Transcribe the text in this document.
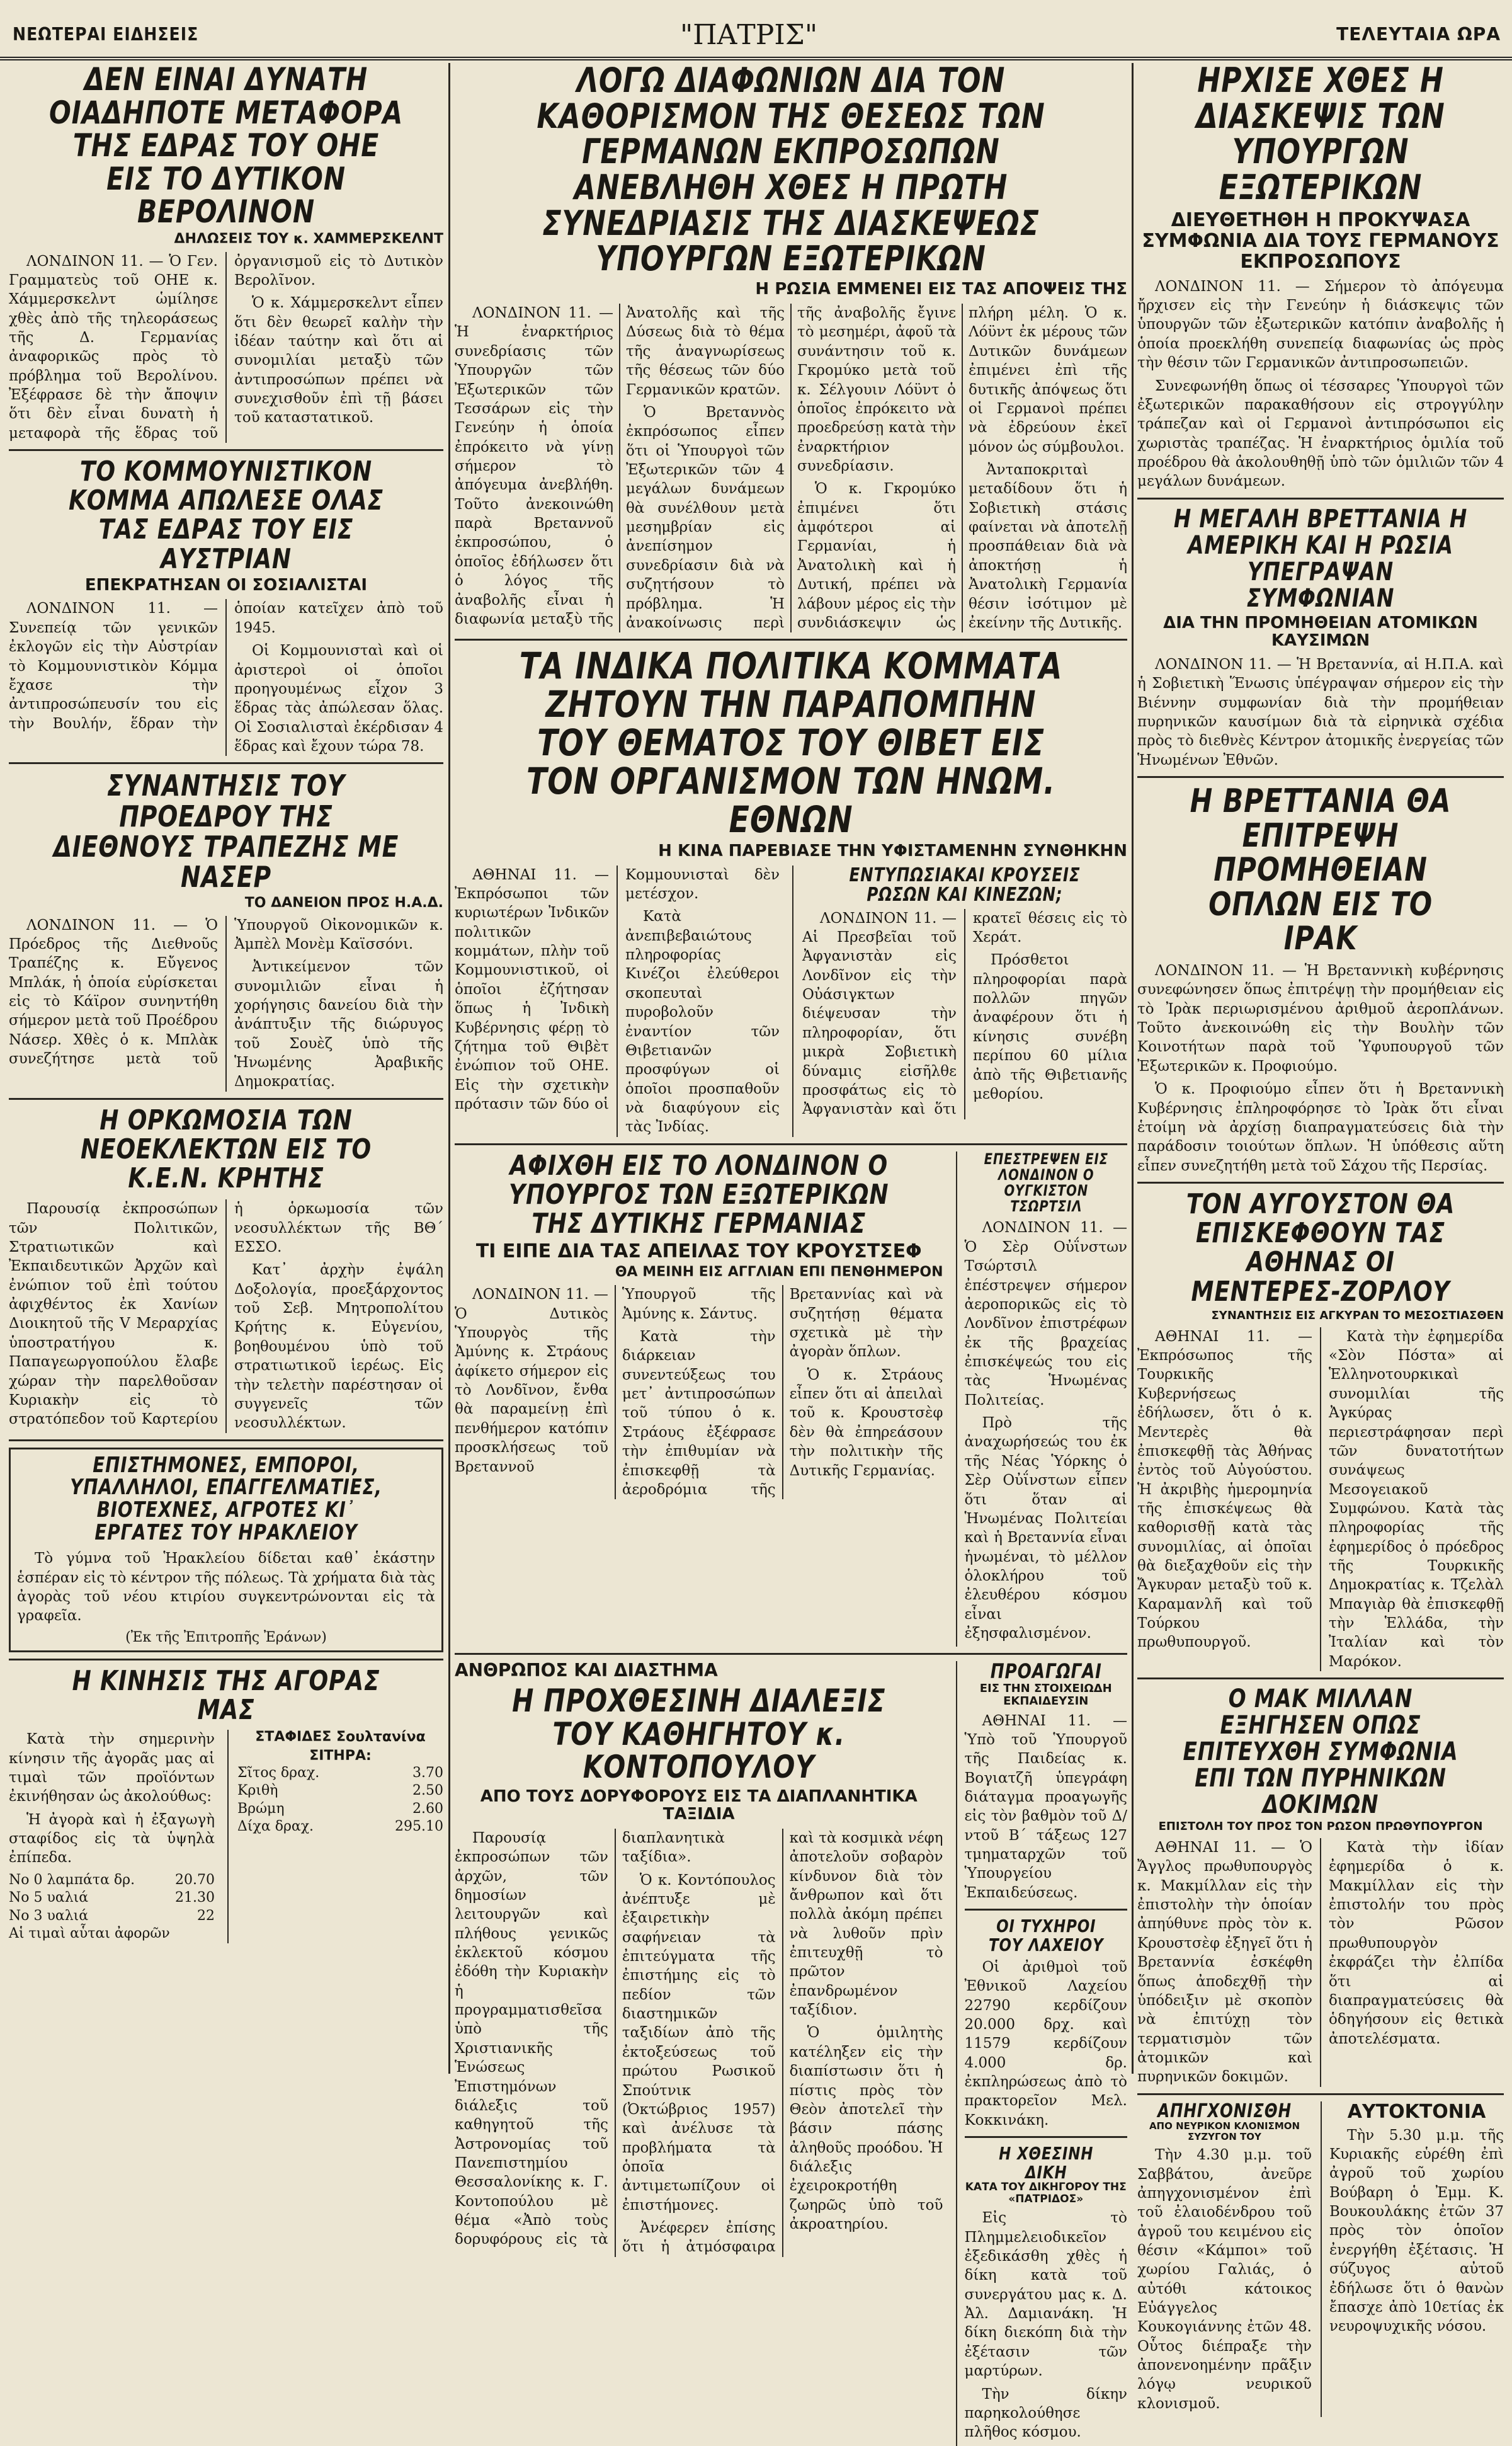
ΝΕΩΤΕΡΑΙ ΕΙΔΗΣΕΙΣ	"ΠΑΤΡΙΣ"	ΤΕΛΕΥΤΑΙΑ ΩΡΑ
ΔΕΝ ΕΙΝΑΙ ΔΥΝΑΤΗ ΟΙΑΔΗΠΟΤΕ ΜΕΤΑΦΟΡΑ ΤΗΣ ΕΔΡΑΣ ΤΟΥ ΟΗΕ ΕΙΣ ΤΟ ΔΥΤΙΚΟΝ ΒΕΡΟΛΙΝΟΝ
ΔΗΛΩΣΕΙΣ ΤΟΥ κ. ΧΑΜΜΕΡΣΚΕΛΝΤ

ΛΟΝΔΙΝΟΝ 11. — Ὁ Γεν. Γραμματεὺς τοῦ ΟΗΕ κ. Χάμμερσκελντ ὡμίλησε χθὲς ἀπὸ τῆς τηλεοράσεως τῆς Δ. Γερμανίας ἀναφορικῶς πρὸς τὸ πρόβλημα τοῦ Βερολίνου. Ἐξέφρασε δὲ τὴν ἄποψιν ὅτι δὲν εἶναι δυνατὴ ἡ μεταφορὰ τῆς ἕδρας τοῦ ὀργανισμοῦ εἰς τὸ Δυτικὸν Βερολῖνον.

Ὁ κ. Χάμμερσκελντ εἶπεν ὅτι δὲν θεωρεῖ καλὴν τὴν ἰδέαν ταύτην καὶ ὅτι αἱ συνομιλίαι μεταξὺ τῶν ἀντιπροσώπων πρέπει νὰ συνεχισθοῦν ἐπὶ τῇ βάσει τοῦ καταστατικοῦ.

ΤΟ ΚΟΜΜΟΥΝΙΣΤΙΚΟΝ ΚΟΜΜΑ ΑΠΩΛΕΣΕ ΟΛΑΣ ΤΑΣ ΕΔΡΑΣ ΤΟΥ ΕΙΣ ΑΥΣΤΡΙΑΝ
ΕΠΕΚΡΑΤΗΣΑΝ ΟΙ ΣΟΣΙΑΛΙΣΤΑΙ

ΛΟΝΔΙΝΟΝ 11. — Συνεπείᾳ τῶν γενικῶν ἐκλογῶν εἰς τὴν Αὐστρίαν τὸ Κομμουνιστικὸν Κόμμα ἔχασε τὴν ἀντιπροσώπευσίν του εἰς τὴν Βουλήν, ἕδραν τὴν ὁποίαν κατεῖχεν ἀπὸ τοῦ 1945.

Οἱ Κομμουνισταὶ καὶ οἱ ἀριστεροὶ οἱ ὁποῖοι προηγουμένως εἶχον 3 ἕδρας τὰς ἀπώλεσαν ὅλας. Οἱ Σοσιαλισταὶ ἐκέρδισαν 4 ἕδρας καὶ ἔχουν τώρα 78.

ΣΥΝΑΝΤΗΣΙΣ ΤΟΥ ΠΡΟΕΔΡΟΥ ΤΗΣ ΔΙΕΘΝΟΥΣ ΤΡΑΠΕΖΗΣ ΜΕ ΝΑΣΕΡ
ΤΟ ΔΑΝΕΙΟΝ ΠΡΟΣ Η.Α.Δ.

ΛΟΝΔΙΝΟΝ 11. — Ὁ Πρόεδρος τῆς Διεθνοῦς Τραπέζης κ. Εὔγενος Μπλάκ, ἡ ὁποία εὑρίσκεται εἰς τὸ Κάϊρον συνηντήθη σήμερον μετὰ τοῦ Προέδρου Νάσερ. Χθὲς ὁ κ. Μπλὰκ συνεζήτησε μετὰ τοῦ Ὑπουργοῦ Οἰκονομικῶν κ. Ἀμπὲλ Μονὲμ Καϊσσόνι.

Ἀντικείμενον τῶν συνομιλιῶν εἶναι ἡ χορήγησις δανείου διὰ τὴν ἀνάπτυξιν τῆς διώρυγος τοῦ Σουὲζ ὑπὸ τῆς Ἡνωμένης Ἀραβικῆς Δημοκρατίας.

Η ΟΡΚΩΜΟΣΙΑ ΤΩΝ ΝΕΟΕΚΛΕΚΤΩΝ ΕΙΣ ΤΟ Κ.Ε.Ν. ΚΡΗΤΗΣ

Παρουσίᾳ ἐκπροσώπων τῶν Πολιτικῶν, Στρατιωτικῶν καὶ Ἐκπαιδευτικῶν Ἀρχῶν καὶ ἐνώπιον τοῦ ἐπὶ τούτου ἀφιχθέντος ἐκ Χανίων Διοικητοῦ τῆς V Μεραρχίας ὑποστρατήγου κ. Παπαγεωργοπούλου ἔλαβε χώραν τὴν παρελθοῦσαν Κυριακὴν εἰς τὸ στρατόπεδον τοῦ Καρτερίου ἡ ὁρκωμοσία τῶν νεοσυλλέκτων τῆς ΒΘ΄ ΕΣΣΟ.

Κατ᾽ ἀρχὴν ἐψάλη Δοξολογία, προεξάρχοντος τοῦ Σεβ. Μητροπολίτου Κρήτης κ. Εὐγενίου, βοηθουμένου ὑπὸ τοῦ στρατιωτικοῦ ἱερέως. Εἰς τὴν τελετὴν παρέστησαν οἱ συγγενεῖς τῶν νεοσυλλέκτων.

ΕΠΙΣΤΗΜΟΝΕΣ, ΕΜΠΟΡΟΙ, ΥΠΑΛΛΗΛΟΙ, ΕΠΑΓΓΕΛΜΑΤΙΕΣ, ΒΙΟΤΕΧΝΕΣ, ΑΓΡΟΤΕΣ ΚΙ᾽ ΕΡΓΑΤΕΣ ΤΟΥ ΗΡΑΚΛΕΙΟΥ

Τὸ γύμνα τοῦ Ἡρακλείου δίδεται καθ᾽ ἑκάστην ἑσπέραν εἰς τὸ κέντρον τῆς πόλεως. Τὰ χρήματα διὰ τὰς ἀγορὰς τοῦ νέου κτιρίου συγκεντρώνονται εἰς τὰ γραφεῖα.

(Ἐκ τῆς Ἐπιτροπῆς Ἐράνων)
Η ΚΙΝΗΣΙΣ ΤΗΣ ΑΓΟΡΑΣ ΜΑΣ

Κατὰ τὴν σημερινὴν κίνησιν τῆς ἀγορᾶς μας αἱ τιμαὶ τῶν προϊόντων ἐκινήθησαν ὡς ἀκολούθως:

Ἡ ἀγορὰ καὶ ἡ ἐξαγωγὴ σταφίδος εἰς τὰ ὑψηλὰ ἐπίπεδα.

Νο 0 λαμπάτα δρ.	20.70
Νο 5 υαλιά	21.30
Νο 3 υαλιά	22
Αἱ τιμαὶ αὗται ἀφορῶν
ΣΤΑΦΙΔΕΣ Σουλτανίνα
ΣΙΤΗΡΑ:
Σῖτος δραχ.	3.70
Κριθὴ	2.50
Βρώμη	2.60
Δίχα δραχ.	295.10
ΛΟΓΩ ΔΙΑΦΩΝΙΩΝ ΔΙΑ ΤΟΝ ΚΑΘΟΡΙΣΜΟΝ ΤΗΣ ΘΕΣΕΩΣ ΤΩΝ ΓΕΡΜΑΝΩΝ ΕΚΠΡΟΣΩΠΩΝ ΑΝΕΒΛΗΘΗ ΧΘΕΣ Η ΠΡΩΤΗ ΣΥΝΕΔΡΙΑΣΙΣ ΤΗΣ ΔΙΑΣΚΕΨΕΩΣ ΥΠΟΥΡΓΩΝ ΕΞΩΤΕΡΙΚΩΝ
Η ΡΩΣΙΑ ΕΜΜΕΝΕΙ ΕΙΣ ΤΑΣ ΑΠΟΨΕΙΣ ΤΗΣ

ΛΟΝΔΙΝΟΝ 11. — Ἡ ἐναρκτήριος συνεδρίασις τῶν Ὑπουργῶν τῶν Ἐξωτερικῶν τῶν Τεσσάρων εἰς τὴν Γενεύην ἡ ὁποία ἐπρόκειτο νὰ γίνῃ σήμερον τὸ ἀπόγευμα ἀνεβλήθη. Τοῦτο ἀνεκοινώθη παρὰ Βρεταννοῦ ἐκπροσώπου, ὁ ὁποῖος ἐδήλωσεν ὅτι ὁ λόγος τῆς ἀναβολῆς εἶναι ἡ διαφωνία μεταξὺ τῆς Ἀνατολῆς καὶ τῆς Δύσεως διὰ τὸ θέμα τῆς ἀναγνωρίσεως τῆς θέσεως τῶν δύο Γερμανικῶν κρατῶν.

Ὁ Βρεταννὸς ἐκπρόσωπος εἶπεν ὅτι οἱ Ὑπουργοὶ τῶν Ἐξωτερικῶν τῶν 4 μεγάλων δυνάμεων θὰ συνέλθουν μετὰ μεσημβρίαν εἰς ἀνεπίσημον συνεδρίασιν διὰ νὰ συζητήσουν τὸ πρόβλημα. Ἡ ἀνακοίνωσις περὶ τῆς ἀναβολῆς ἔγινε τὸ μεσημέρι, ἀφοῦ τὰ συνάντησιν τοῦ κ. Γκρομύκο μετὰ τοῦ κ. Σέλγουιν Λόϋντ ὁ ὁποῖος ἐπρόκειτο νὰ προεδρεύσῃ κατὰ τὴν ἐναρκτήριον συνεδρίασιν.

Ὁ κ. Γκρομύκο ἐπιμένει ὅτι ἀμφότεροι αἱ Γερμανίαι, ἡ Ἀνατολικὴ καὶ ἡ Δυτική, πρέπει νὰ λάβουν μέρος εἰς τὴν συνδιάσκεψιν ὡς πλήρη μέλη. Ὁ κ. Λόϋντ ἐκ μέρους τῶν Δυτικῶν δυνάμεων ἐπιμένει ἐπὶ τῆς δυτικῆς ἀπόψεως ὅτι οἱ Γερμανοὶ πρέπει νὰ ἐδρεύουν ἐκεῖ μόνον ὡς σύμβουλοι.

Ἀνταποκριταὶ μεταδίδουν ὅτι ἡ Σοβιετικὴ στάσις φαίνεται νὰ ἀποτελῇ προσπάθειαν διὰ νὰ ἀποκτήσῃ ἡ Ἀνατολικὴ Γερμανία θέσιν ἰσότιμον μὲ ἐκείνην τῆς Δυτικῆς.

ΤΑ ΙΝΔΙΚΑ ΠΟΛΙΤΙΚΑ ΚΟΜΜΑΤΑ ΖΗΤΟΥΝ ΤΗΝ ΠΑΡΑΠΟΜΠΗΝ ΤΟΥ ΘΕΜΑΤΟΣ ΤΟΥ ΘΙΒΕΤ ΕΙΣ ΤΟΝ ΟΡΓΑΝΙΣΜΟΝ ΤΩΝ ΗΝΩΜ. ΕΘΝΩΝ
Η ΚΙΝΑ ΠΑΡΕΒΙΑΣΕ ΤΗΝ ΥΦΙΣΤΑΜΕΝΗΝ ΣΥΝΘΗΚΗΝ

ΑΘΗΝΑΙ 11. — Ἐκπρόσωποι τῶν κυριωτέρων Ἰνδικῶν πολιτικῶν κομμάτων, πλὴν τοῦ Κομμουνιστικοῦ, οἱ ὁποῖοι ἐζήτησαν ὅπως ἡ Ἰνδικὴ Κυβέρνησις φέρῃ τὸ ζήτημα τοῦ Θιβὲτ ἐνώπιον τοῦ ΟΗΕ. Εἰς τὴν σχετικὴν πρότασιν τῶν δύο οἱ Κομμουνισταὶ δὲν μετέσχον.

Κατὰ ἀνεπιβεβαιώτους πληροφορίας Κινέζοι ἐλεύθεροι σκοπευταὶ πυροβολοῦν ἐναντίον τῶν Θιβετιανῶν προσφύγων οἱ ὁποῖοι προσπαθοῦν νὰ διαφύγουν εἰς τὰς Ἰνδίας.

ΕΝΤΥΠΩΣΙΑΚΑΙ ΚΡΟΥΣΕΙΣ ΡΩΣΩΝ ΚΑΙ ΚΙΝΕΖΩΝ;

ΛΟΝΔΙΝΟΝ 11. — Αἱ Πρεσβεῖαι τοῦ Ἀφγανιστὰν εἰς Λονδῖνον εἰς τὴν Οὐάσιγκτων διέψευσαν τὴν πληροφορίαν, ὅτι μικρὰ Σοβιετικὴ δύναμις εἰσῆλθε προσφάτως εἰς τὸ Ἀφγανιστὰν καὶ ὅτι κρατεῖ θέσεις εἰς τὸ Χεράτ.

Πρόσθετοι πληροφορίαι παρὰ πολλῶν πηγῶν ἀναφέρουν ὅτι ἡ κίνησις συνέβη περίπου 60 μίλια ἀπὸ τῆς Θιβετιανῆς μεθορίου.

ΑΦΙΧΘΗ ΕΙΣ ΤΟ ΛΟΝΔΙΝΟΝ Ο ΥΠΟΥΡΓΟΣ ΤΩΝ ΕΞΩΤΕΡΙΚΩΝ ΤΗΣ ΔΥΤΙΚΗΣ ΓΕΡΜΑΝΙΑΣ
ΤΙ ΕΙΠΕ ΔΙΑ ΤΑΣ ΑΠΕΙΛΑΣ ΤΟΥ ΚΡΟΥΣΤΣΕΦ
ΘΑ ΜΕΙΝΗ ΕΙΣ ΑΓΓΛΙΑΝ ΕΠΙ ΠΕΝΘΗΜΕΡΟΝ

ΛΟΝΔΙΝΟΝ 11. — Ὁ Δυτικὸς Ὑπουργὸς τῆς Ἀμύνης κ. Στράους ἀφίκετο σήμερον εἰς τὸ Λονδῖνον, ἔνθα θὰ παραμείνῃ ἐπὶ πενθήμερον κατόπιν προσκλήσεως τοῦ Βρεταννοῦ Ὑπουργοῦ τῆς Ἀμύνης κ. Σάντυς.

Κατὰ τὴν διάρκειαν συνεντεύξεως του μετ᾽ ἀντιπροσώπων τοῦ τύπου ὁ κ. Στράους ἐξέφρασε τὴν ἐπιθυμίαν νὰ ἐπισκεφθῇ τὰ ἀεροδρόμια τῆς Βρεταννίας καὶ νὰ συζητήσῃ θέματα σχετικὰ μὲ τὴν ἀγορὰν ὅπλων.

Ὁ κ. Στράους εἶπεν ὅτι αἱ ἀπειλαὶ τοῦ κ. Κρουστσὲφ δὲν θὰ ἐπηρεάσουν τὴν πολιτικὴν τῆς Δυτικῆς Γερμανίας.

ΕΠΕΣΤΡΕΨΕΝ ΕΙΣ ΛΟΝΔΙΝΟΝ Ο ΟΥΓΚΙΣΤΟΝ ΤΣΩΡΤΣΙΛ

ΛΟΝΔΙΝΟΝ 11. — Ὁ Σὲρ Οὐΐνστων Τσώρτσιλ ἐπέστρεψεν σήμερον ἀεροπορικῶς εἰς τὸ Λονδῖνον ἐπιστρέφων ἐκ τῆς βραχείας ἐπισκέψεώς του εἰς τὰς Ἡνωμένας Πολιτείας.

Πρὸ τῆς ἀναχωρήσεώς του ἐκ τῆς Νέας Ὑόρκης ὁ Σὲρ Οὐΐνστων εἶπεν ὅτι ὅταν αἱ Ἡνωμένας Πολιτείαι καὶ ἡ Βρεταννία εἶναι ἡνωμέναι, τὸ μέλλον ὁλοκλήρου τοῦ ἐλευθέρου κόσμου εἶναι ἐξησφαλισμένον.

ΑΝΘΡΩΠΟΣ ΚΑΙ ΔΙΑΣΤΗΜΑ
Η ΠΡΟΧΘΕΣΙΝΗ ΔΙΑΛΕΞΙΣ ΤΟΥ ΚΑΘΗΓΗΤΟΥ κ. ΚΟΝΤΟΠΟΥΛΟΥ
ΑΠΟ ΤΟΥΣ ΔΟΡΥΦΟΡΟΥΣ ΕΙΣ ΤΑ ΔΙΑΠΛΑΝΗΤΙΚΑ ΤΑΞΙΔΙΑ

Παρουσίᾳ ἐκπροσώπων τῶν ἀρχῶν, τῶν δημοσίων λειτουργῶν καὶ πλήθους γενικῶς ἐκλεκτοῦ κόσμου ἐδόθη τὴν Κυριακὴν ἡ προγραμματισθεῖσα ὑπὸ τῆς Χριστιανικῆς Ἑνώσεως Ἐπιστημόνων διάλεξις τοῦ καθηγητοῦ τῆς Ἀστρονομίας τοῦ Πανεπιστημίου Θεσσαλονίκης κ. Γ. Κοντοπούλου μὲ θέμα «Ἀπὸ τοὺς δορυφόρους εἰς τὰ διαπλανητικὰ ταξίδια».

Ὁ κ. Κοντόπουλος ἀνέπτυξε μὲ ἐξαιρετικὴν σαφήνειαν τὰ ἐπιτεύγματα τῆς ἐπιστήμης εἰς τὸ πεδίον τῶν διαστημικῶν ταξιδίων ἀπὸ τῆς ἐκτοξεύσεως τοῦ πρώτου Ρωσικοῦ Σπούτνικ (Ὀκτώβριος 1957) καὶ ἀνέλυσε τὰ προβλήματα τὰ ὁποῖα ἀντιμετωπίζουν οἱ ἐπιστήμονες.

Ἀνέφερεν ἐπίσης ὅτι ἡ ἀτμόσφαιρα καὶ τὰ κοσμικὰ νέφη ἀποτελοῦν σοβαρὸν κίνδυνον διὰ τὸν ἄνθρωπον καὶ ὅτι πολλὰ ἀκόμη πρέπει νὰ λυθοῦν πρὶν ἐπιτευχθῇ τὸ πρῶτον ἐπανδρωμένον ταξίδιον.

Ὁ ὁμιλητὴς κατέληξεν εἰς τὴν διαπίστωσιν ὅτι ἡ πίστις πρὸς τὸν Θεὸν ἀποτελεῖ τὴν βάσιν πάσης ἀληθοῦς προόδου. Ἡ διάλεξις ἐχειροκροτήθη ζωηρῶς ὑπὸ τοῦ ἀκροατηρίου.

ΠΡΟΑΓΩΓΑΙ
ΕΙΣ ΤΗΝ ΣΤΟΙΧΕΙΩΔΗ ΕΚΠΑΙΔΕΥΣΙΝ

ΑΘΗΝΑΙ 11. — Ὑπὸ τοῦ Ὑπουργοῦ τῆς Παιδείας κ. Βογιατζῆ ὑπεγράφη διάταγμα προαγωγῆς εἰς τὸν βαθμὸν τοῦ Δ/ντοῦ Β΄ τάξεως 127 τμηματαρχῶν τοῦ Ὑπουργείου Ἐκπαιδεύσεως.

ΟΙ ΤΥΧΗΡΟΙ ΤΟΥ ΛΑΧΕΙΟΥ

Οἱ ἀριθμοὶ τοῦ Ἐθνικοῦ Λαχείου 22790 κερδίζουν 20.000 δρχ. καὶ 11579 κερδίζουν 4.000 δρ. ἐκπληρώσεως ἀπὸ τὸ πρακτορεῖον Μελ. Κοκκινάκη.

Η ΧΘΕΣΙΝΗ ΔΙΚΗ
ΚΑΤΑ ΤΟΥ ΔΙΚΗΓΟΡΟΥ ΤΗΣ «ΠΑΤΡΙΔΟΣ»

Εἰς τὸ Πλημμελειοδικεῖον ἐξεδικάσθη χθὲς ἡ δίκη κατὰ τοῦ συνεργάτου μας κ. Δ. Ἀλ. Δαμιανάκη. Ἡ δίκη διεκόπη διὰ τὴν ἐξέτασιν τῶν μαρτύρων.

Τὴν δίκην παρηκολούθησε πλῆθος κόσμου.

ΗΡΧΙΣΕ ΧΘΕΣ Η ΔΙΑΣΚΕΨΙΣ ΤΩΝ ΥΠΟΥΡΓΩΝ ΕΞΩΤΕΡΙΚΩΝ
ΔΙΕΥΘΕΤΗΘΗ Η ΠΡΟΚΥΨΑΣΑ ΣΥΜΦΩΝΙΑ ΔΙΑ ΤΟΥΣ ΓΕΡΜΑΝΟΥΣ ΕΚΠΡΟΣΩΠΟΥΣ

ΛΟΝΔΙΝΟΝ 11. — Σήμερον τὸ ἀπόγευμα ἤρχισεν εἰς τὴν Γενεύην ἡ διάσκεψις τῶν ὑπουργῶν τῶν ἐξωτερικῶν κατόπιν ἀναβολῆς ἡ ὁποία προεκλήθη συνεπείᾳ διαφωνίας ὡς πρὸς τὴν θέσιν τῶν Γερμανικῶν ἀντιπροσωπειῶν.

Συνεφωνήθη ὅπως οἱ τέσσαρες Ὑπουργοὶ τῶν ἐξωτερικῶν παρακαθήσουν εἰς στρογγύλην τράπεζαν καὶ οἱ Γερμανοὶ ἀντιπρόσωποι εἰς χωριστὰς τραπέζας. Ἡ ἐναρκτήριος ὁμιλία τοῦ προέδρου θὰ ἀκολουθηθῇ ὑπὸ τῶν ὁμιλιῶν τῶν 4 μεγάλων δυνάμεων.

Η ΜΕΓΑΛΗ ΒΡΕΤΤΑΝΙΑ Η ΑΜΕΡΙΚΗ ΚΑΙ Η ΡΩΣΙΑ ΥΠΕΓΡΑΨΑΝ ΣΥΜΦΩΝΙΑΝ
ΔΙΑ ΤΗΝ ΠΡΟΜΗΘΕΙΑΝ ΑΤΟΜΙΚΩΝ ΚΑΥΣΙΜΩΝ

ΛΟΝΔΙΝΟΝ 11. — Ἡ Βρεταννία, αἱ Η.Π.Α. καὶ ἡ Σοβιετικὴ Ἕνωσις ὑπέγραψαν σήμερον εἰς τὴν Βιέννην συμφωνίαν διὰ τὴν προμήθειαν πυρηνικῶν καυσίμων διὰ τὰ εἰρηνικὰ σχέδια πρὸς τὸ διεθνὲς Κέντρον ἀτομικῆς ἐνεργείας τῶν Ἡνωμένων Ἐθνῶν.

Η ΒΡΕΤΤΑΝΙΑ ΘΑ ΕΠΙΤΡΕΨΗ ΠΡΟΜΗΘΕΙΑΝ ΟΠΛΩΝ ΕΙΣ ΤΟ ΙΡΑΚ

ΛΟΝΔΙΝΟΝ 11. — Ἡ Βρεταννικὴ κυβέρνησις συνεφώνησεν ὅπως ἐπιτρέψῃ τὴν προμήθειαν εἰς τὸ Ἰρὰκ περιωρισμένου ἀριθμοῦ ἀεροπλάνων. Τοῦτο ἀνεκοινώθη εἰς τὴν Βουλὴν τῶν Κοινοτήτων παρὰ τοῦ Ὑφυπουργοῦ τῶν Ἐξωτερικῶν κ. Προφιούμο.

Ὁ κ. Προφιούμο εἶπεν ὅτι ἡ Βρεταννικὴ Κυβέρνησις ἐπληροφόρησε τὸ Ἰρὰκ ὅτι εἶναι ἑτοίμη νὰ ἀρχίσῃ διαπραγματεύσεις διὰ τὴν παράδοσιν τοιούτων ὅπλων. Ἡ ὑπόθεσις αὕτη εἶπεν συνεζητήθη μετὰ τοῦ Σάχου τῆς Περσίας.

ΤΟΝ ΑΥΓΟΥΣΤΟΝ ΘΑ ΕΠΙΣΚΕΦΘΟΥΝ ΤΑΣ ΑΘΗΝΑΣ ΟΙ ΜΕΝΤΕΡΕΣ-ΖΟΡΛΟΥ
ΣΥΝΑΝΤΗΣΙΣ ΕΙΣ ΑΓΚΥΡΑΝ ΤΟ ΜΕΣΟΣΤΙΑΣΘΕΝ

ΑΘΗΝΑΙ 11. — Ἐκπρόσωπος τῆς Τουρκικῆς Κυβερνήσεως ἐδήλωσεν, ὅτι ὁ κ. Μεντερὲς θὰ ἐπισκεφθῇ τὰς Ἀθήνας ἐντὸς τοῦ Αὐγούστου. Ἡ ἀκριβὴς ἡμερομηνία τῆς ἐπισκέψεως θὰ καθορισθῇ κατὰ τὰς συνομιλίας, αἱ ὁποῖαι θὰ διεξαχθοῦν εἰς τὴν Ἄγκυραν μεταξὺ τοῦ κ. Καραμανλῆ καὶ τοῦ Τούρκου πρωθυπουργοῦ.

Κατὰ τὴν ἐφημερίδα «Σὸν Πόστα» αἱ Ἑλληνοτουρκικαὶ συνομιλίαι τῆς Ἀγκύρας περιεστράφησαν περὶ τῶν δυνατοτήτων συνάψεως Μεσογειακοῦ Συμφώνου. Κατὰ τὰς πληροφορίας τῆς ἐφημερίδος ὁ πρόεδρος τῆς Τουρκικῆς Δημοκρατίας κ. Τζελὰλ Μπαγιὰρ θὰ ἐπισκεφθῇ τὴν Ἑλλάδα, τὴν Ἰταλίαν καὶ τὸν Μαρόκον.

Ο ΜΑΚ ΜΙΛΛΑΝ ΕΞΗΓΗΣΕΝ ΟΠΩΣ ΕΠΙΤΕΥΧΘΗ ΣΥΜΦΩΝΙΑ ΕΠΙ ΤΩΝ ΠΥΡΗΝΙΚΩΝ ΔΟΚΙΜΩΝ
ΕΠΙΣΤΟΛΗ ΤΟΥ ΠΡΟΣ ΤΟΝ ΡΩΣΟΝ ΠΡΩΘΥΠΟΥΡΓΟΝ

ΑΘΗΝΑΙ 11. — Ὁ Ἄγγλος πρωθυπουργὸς κ. Μακμίλλαν εἰς τὴν ἐπιστολὴν τὴν ὁποίαν ἀπηύθυνε πρὸς τὸν κ. Κρουστσὲφ ἐξηγεῖ ὅτι ἡ Βρεταννία ἐσκέφθη ὅπως ἀποδεχθῇ τὴν ὑπόδειξιν μὲ σκοπὸν νὰ ἐπιτύχῃ τὸν τερματισμὸν τῶν ἀτομικῶν καὶ πυρηνικῶν δοκιμῶν.

Κατὰ τὴν ἰδίαν ἐφημερίδα ὁ κ. Μακμίλλαν εἰς τὴν ἐπιστολήν του πρὸς τὸν Ρῶσον πρωθυπουργὸν ἐκφράζει τὴν ἐλπίδα ὅτι αἱ διαπραγματεύσεις θὰ ὁδηγήσουν εἰς θετικὰ ἀποτελέσματα.

ΑΠΗΓΧΟΝΙΣΘΗ
ΑΠΟ ΝΕΥΡΙΚΟΝ ΚΛΟΝΙΣΜΟΝ ΣΥΖΥΓΟΝ ΤΟΥ

Τὴν 4.30 μ.μ. τοῦ Σαββάτου, ἀνεῦρε ἀπηγχονισμένον ἐπὶ τοῦ ἐλαιοδένδρου τοῦ ἀγροῦ του κειμένου εἰς θέσιν «Κάμποι» τοῦ χωρίου Γαλιάς, ὁ αὐτόθι κάτοικος Εὐάγγελος Κουκογιάννης ἐτῶν 48. Οὗτος διέπραξε τὴν ἀπονενοημένην πρᾶξιν λόγῳ νευρικοῦ κλονισμοῦ.

ΑΥΤΟΚΤΟΝΙΑ

Τὴν 5.30 μ.μ. τῆς Κυριακῆς εὑρέθη ἐπὶ ἀγροῦ τοῦ χωρίου Βούβαρη ὁ Ἐμμ. Κ. Βουκουλάκης ἐτῶν 37 πρὸς τὸν ὁποῖον ἐνεργήθη ἐξέτασις. Ἡ σύζυγος αὐτοῦ ἐδήλωσε ὅτι ὁ θανὼν ἔπασχε ἀπὸ 10ετίας ἐκ νευροψυχικῆς νόσου.
